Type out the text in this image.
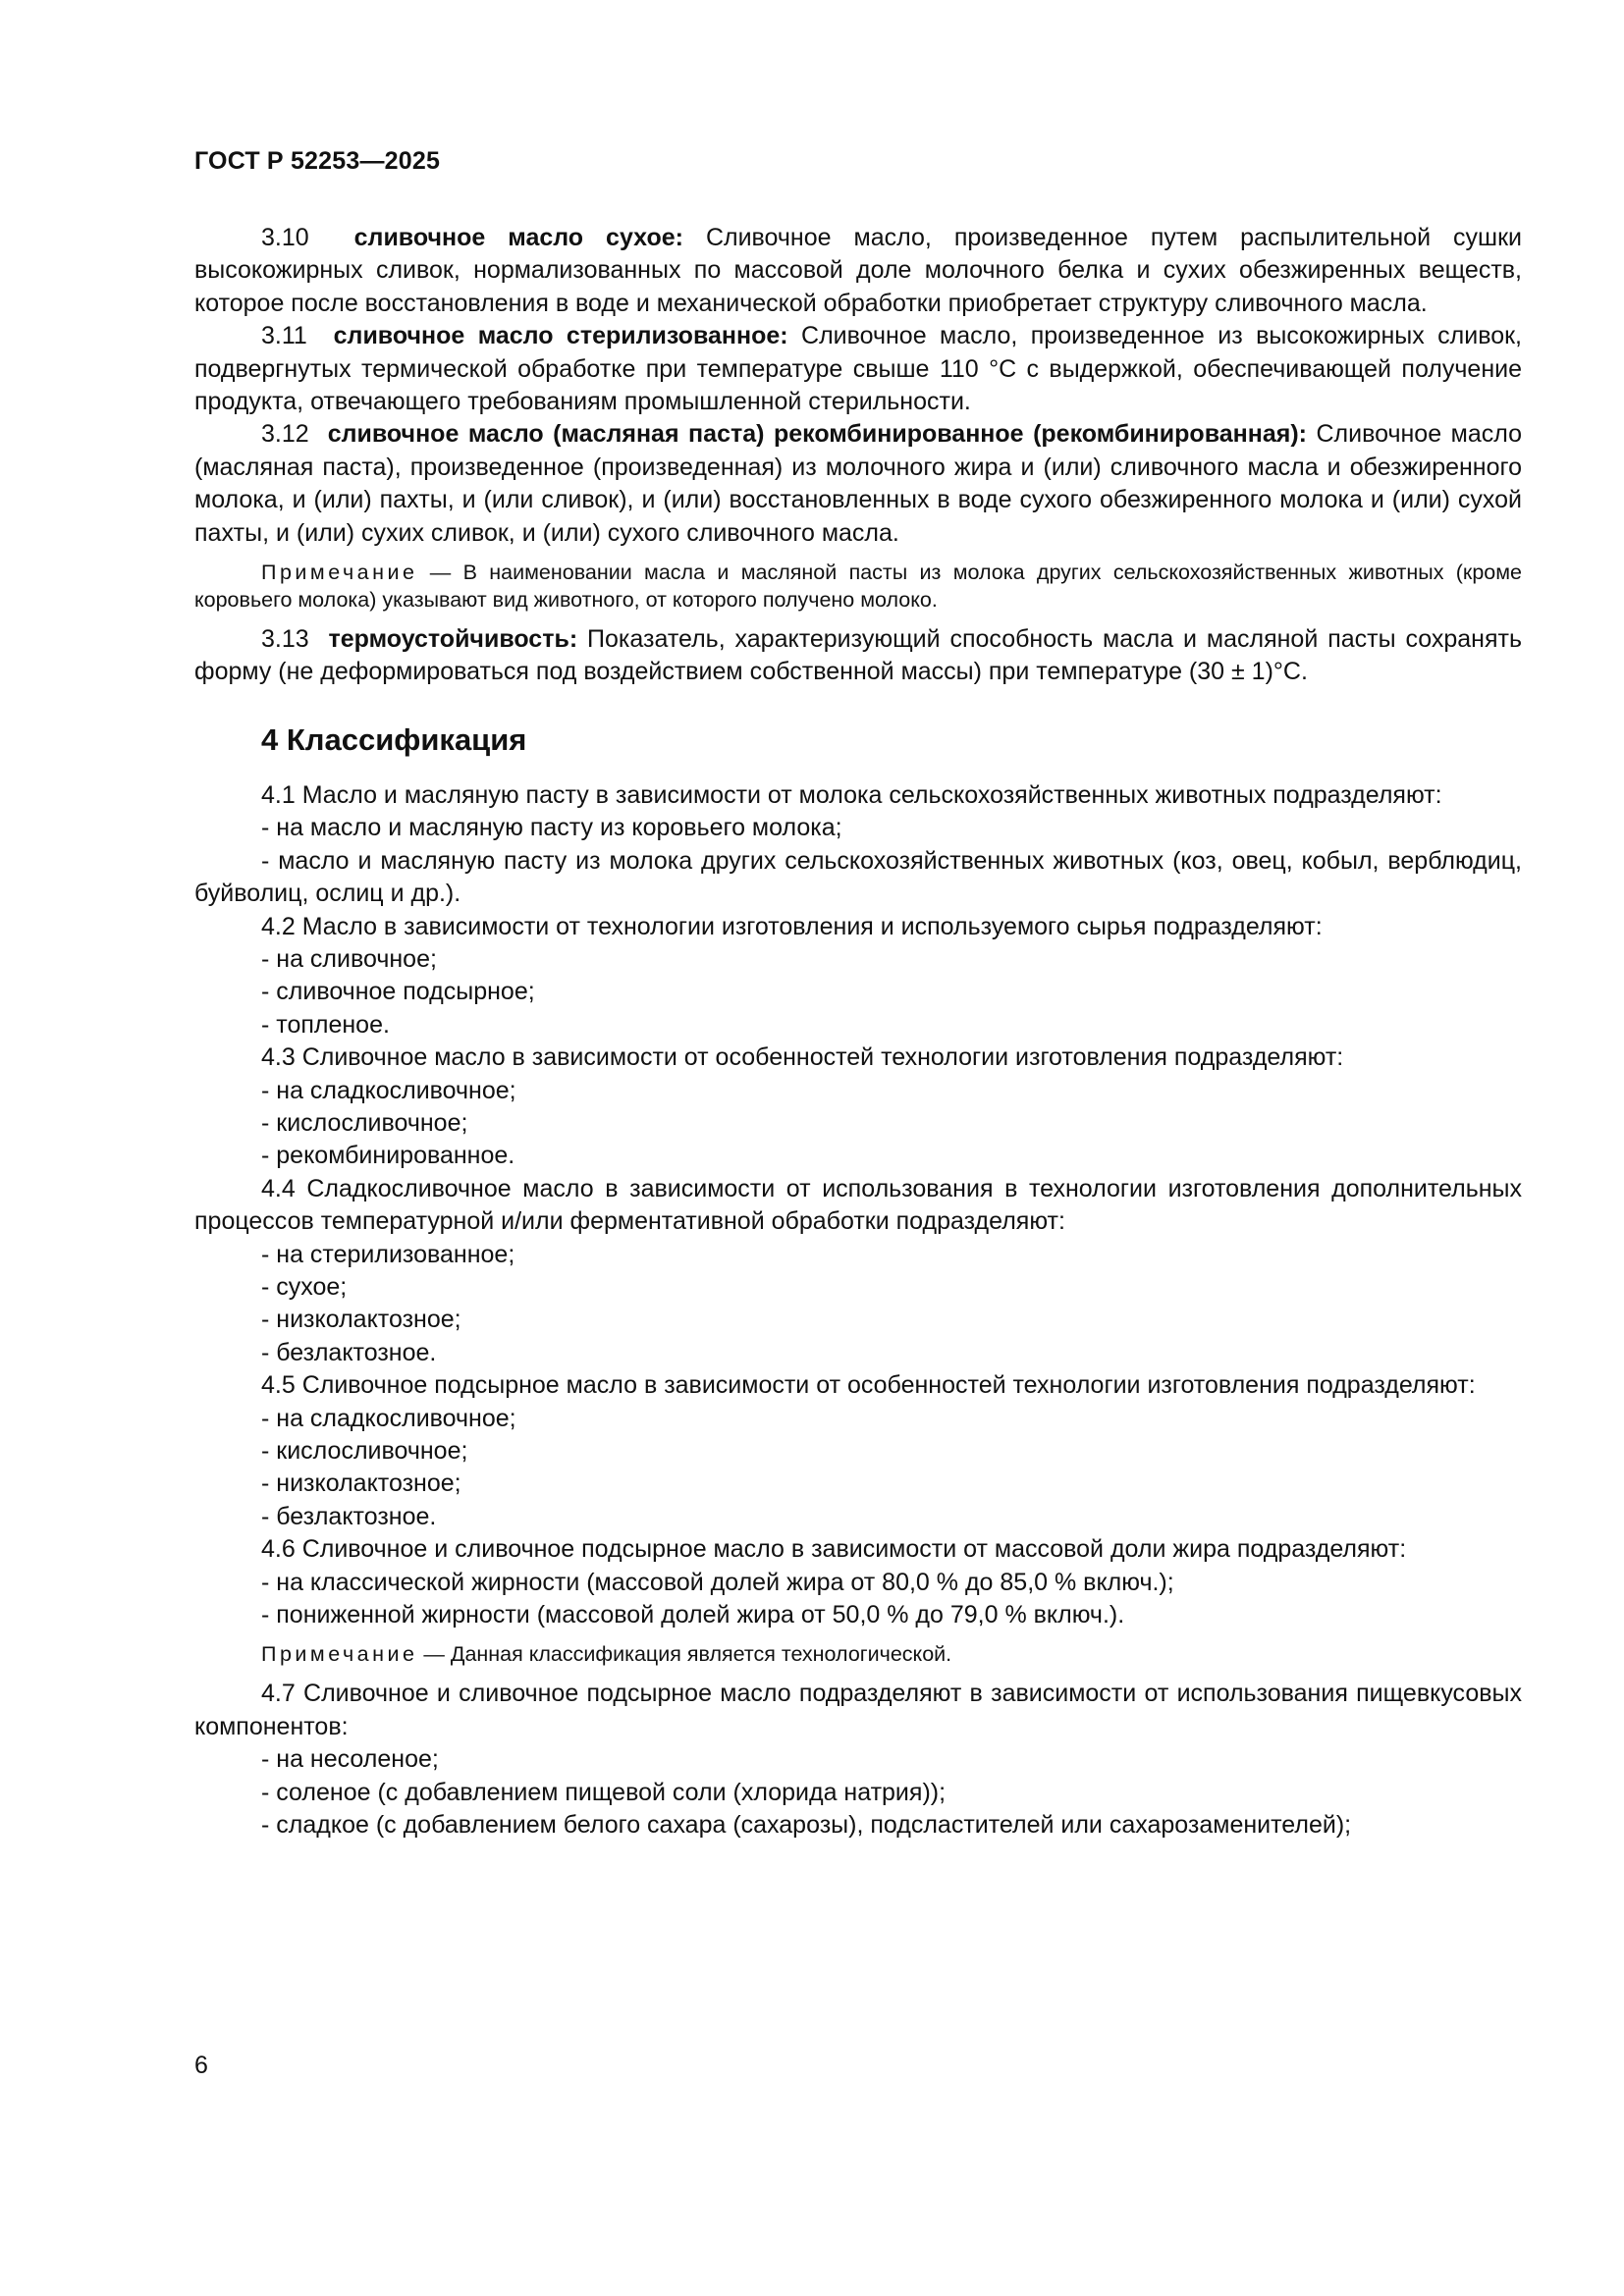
ГОСТ Р 52253—2025

3.10 сливочное масло сухое: Сливочное масло, произведенное путем распылительной сушки высокожирных сливок, нормализованных по массовой доле молочного белка и сухих обезжиренных веществ, которое после восстановления в воде и механической обработки приобретает структуру сливочного масла.

3.11 сливочное масло стерилизованное: Сливочное масло, произведенное из высокожирных сливок, подвергнутых термической обработке при температуре свыше 110 °С с выдержкой, обеспечивающей получение продукта, отвечающего требованиям промышленной стерильности.

3.12 сливочное масло (масляная паста) рекомбинированное (рекомбинированная): Сливочное масло (масляная паста), произведенное (произведенная) из молочного жира и (или) сливочного масла и обезжиренного молока, и (или) пахты, и (или сливок), и (или) восстановленных в воде сухого обезжиренного молока и (или) сухой пахты, и (или) сухих сливок, и (или) сухого сливочного масла.

Примечание — В наименовании масла и масляной пасты из молока других сельскохозяйственных животных (кроме коровьего молока) указывают вид животного, от которого получено молоко.

3.13 термоустойчивость: Показатель, характеризующий способность масла и масляной пасты сохранять форму (не деформироваться под воздействием собственной массы) при температуре (30 ± 1)°С.

4 Классификация

4.1 Масло и масляную пасту в зависимости от молока сельскохозяйственных животных подразделяют:

- на масло и масляную пасту из коровьего молока;

- масло и масляную пасту из молока других сельскохозяйственных животных (коз, овец, кобыл, верблюдиц, буйволиц, ослиц и др.).

4.2 Масло в зависимости от технологии изготовления и используемого сырья подразделяют:

- на сливочное;

- сливочное подсырное;

- топленое.

4.3 Сливочное масло в зависимости от особенностей технологии изготовления подразделяют:

- на сладкосливочное;

- кислосливочное;

- рекомбинированное.

4.4 Сладкосливочное масло в зависимости от использования в технологии изготовления дополнительных процессов температурной и/или ферментативной обработки подразделяют:

- на стерилизованное;

- сухое;

- низколактозное;

- безлактозное.

4.5 Сливочное подсырное масло в зависимости от особенностей технологии изготовления подразделяют:

- на сладкосливочное;

- кислосливочное;

- низколактозное;

- безлактозное.

4.6 Сливочное и сливочное подсырное масло в зависимости от массовой доли жира подразделяют:

- на классической жирности (массовой долей жира от 80,0 % до 85,0 % включ.);

- пониженной жирности (массовой долей жира от 50,0 % до 79,0 % включ.).

Примечание — Данная классификация является технологической.

4.7 Сливочное и сливочное подсырное масло подразделяют в зависимости от использования пищевкусовых компонентов:

- на несоленое;

- соленое (с добавлением пищевой соли (хлорида натрия));

- сладкое (с добавлением белого сахара (сахарозы), подсластителей или сахарозаменителей);

6
